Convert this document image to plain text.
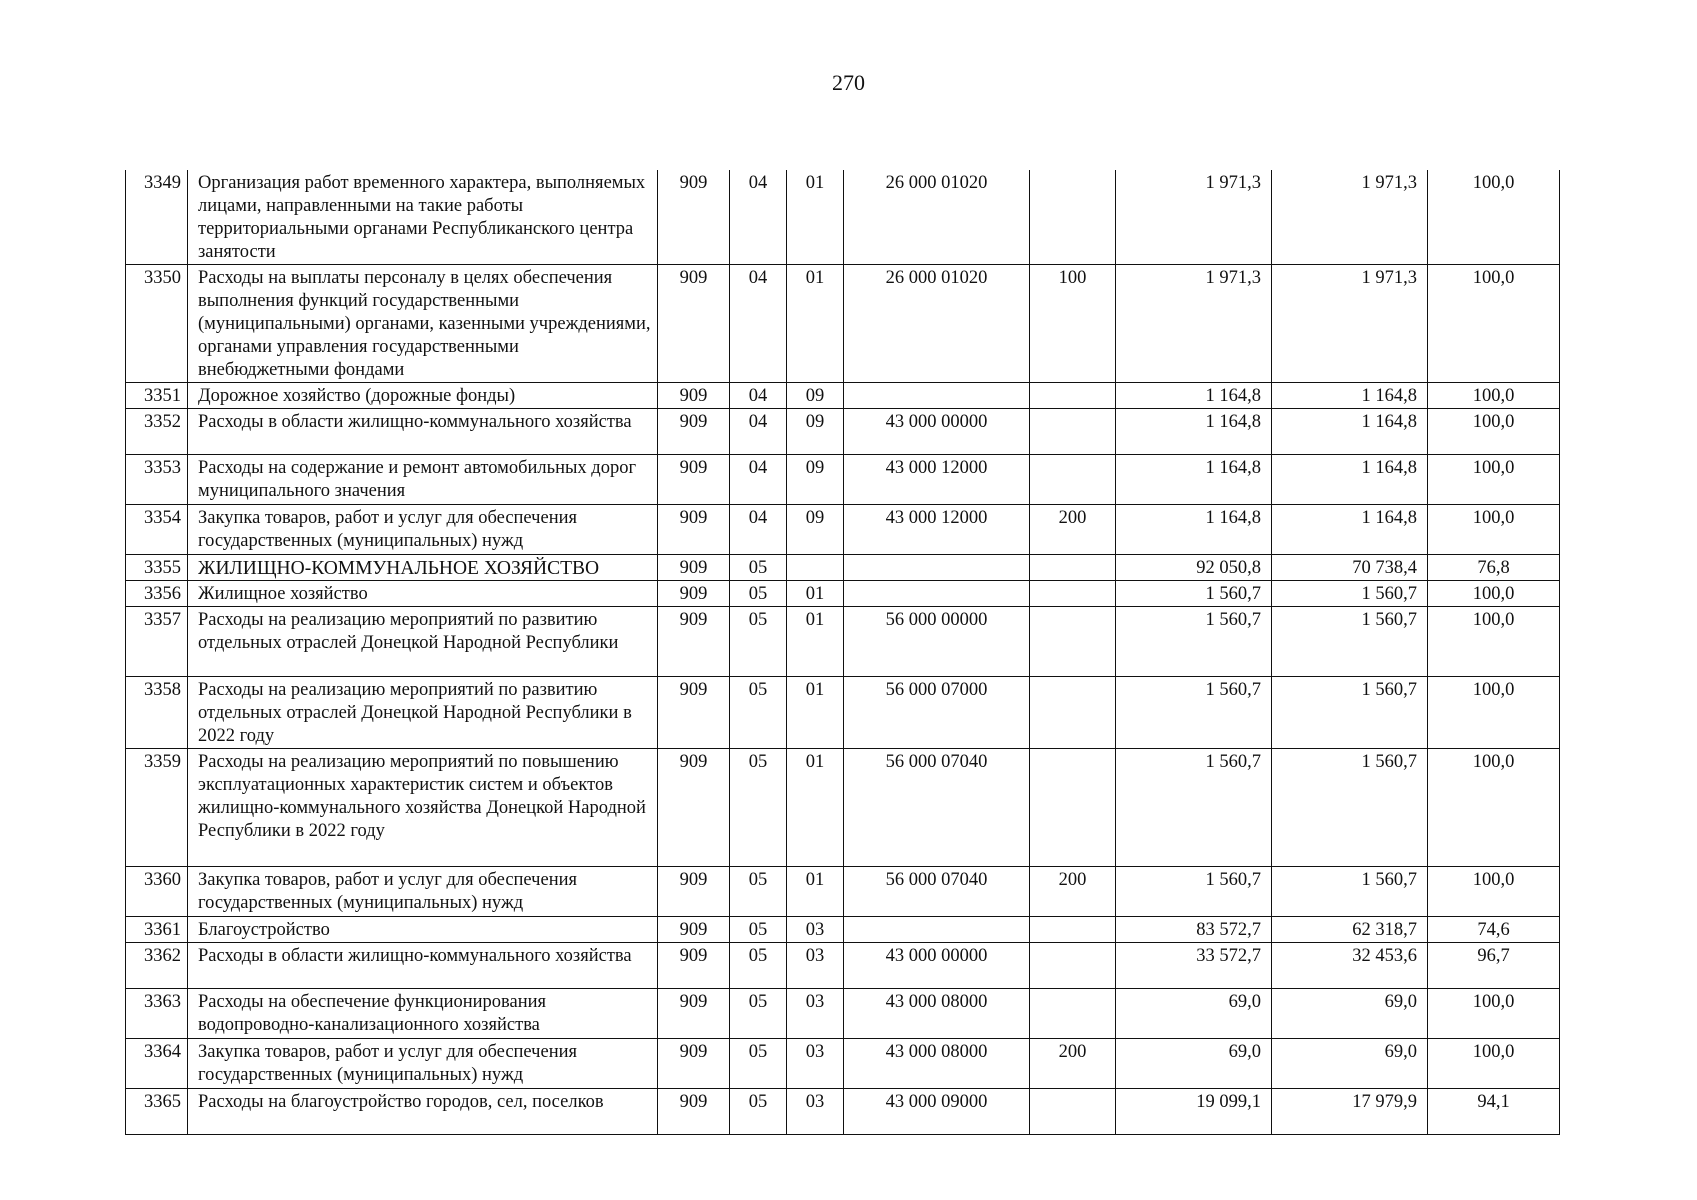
270
3349	Организация работ временного характера, выполняемых лицами, направленными на такие работы территориальными органами Республиканского центра занятости	909	04	01	26 000 01020		1 971,3	1 971,3	100,0
3350	Расходы на выплаты персоналу в целях обеспечения выполнения функций государственными (муниципальными) органами, казенными учреждениями, органами управления государственными внебюджетными фондами	909	04	01	26 000 01020	100	1 971,3	1 971,3	100,0
3351	Дорожное хозяйство (дорожные фонды)	909	04	09			1 164,8	1 164,8	100,0
3352	Расходы в области жилищно-коммунального хозяйства	909	04	09	43 000 00000		1 164,8	1 164,8	100,0
3353	Расходы на содержание и ремонт автомобильных дорог муниципального значения	909	04	09	43 000 12000		1 164,8	1 164,8	100,0
3354	Закупка товаров, работ и услуг для обеспечения государственных (муниципальных) нужд	909	04	09	43 000 12000	200	1 164,8	1 164,8	100,0
3355	ЖИЛИЩНО-КОММУНАЛЬНОЕ ХОЗЯЙСТВО	909	05				92 050,8	70 738,4	76,8
3356	Жилищное хозяйство	909	05	01			1 560,7	1 560,7	100,0
3357	Расходы на реализацию мероприятий по развитию отдельных отраслей Донецкой Народной Республики	909	05	01	56 000 00000		1 560,7	1 560,7	100,0
3358	Расходы на реализацию мероприятий по развитию отдельных отраслей Донецкой Народной Республики в 2022 году	909	05	01	56 000 07000		1 560,7	1 560,7	100,0
3359	Расходы на реализацию мероприятий по повышению эксплуатационных характеристик систем и объектов жилищно-коммунального хозяйства Донецкой Народной Республики в 2022 году	909	05	01	56 000 07040		1 560,7	1 560,7	100,0
3360	Закупка товаров, работ и услуг для обеспечения государственных (муниципальных) нужд	909	05	01	56 000 07040	200	1 560,7	1 560,7	100,0
3361	Благоустройство	909	05	03			83 572,7	62 318,7	74,6
3362	Расходы в области жилищно-коммунального хозяйства	909	05	03	43 000 00000		33 572,7	32 453,6	96,7
3363	Расходы на обеспечение функционирования водопроводно-канализационного хозяйства	909	05	03	43 000 08000		69,0	69,0	100,0
3364	Закупка товаров, работ и услуг для обеспечения государственных (муниципальных) нужд	909	05	03	43 000 08000	200	69,0	69,0	100,0
3365	Расходы на благоустройство городов, сел, поселков	909	05	03	43 000 09000		19 099,1	17 979,9	94,1
